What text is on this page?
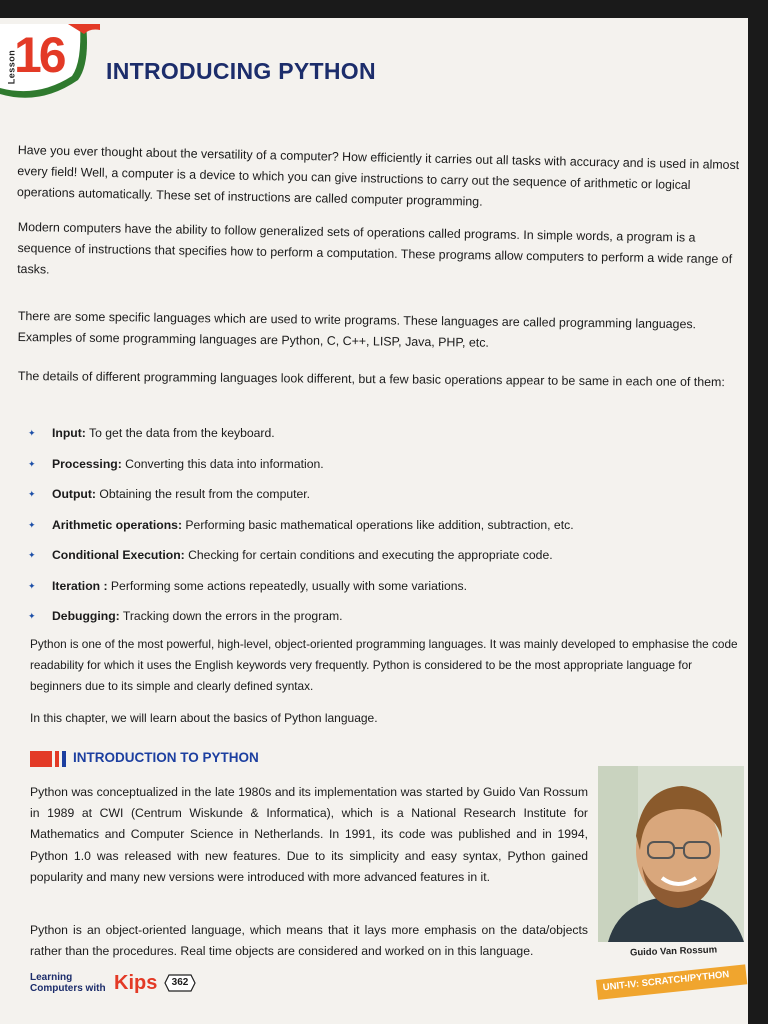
Lesson
16 INTRODUCING PYTHON
Have you ever thought about the versatility of a computer? How efficiently it carries out all tasks with accuracy and is used in almost every field! Well, a computer is a device to which you can give instructions to carry out the sequence of arithmetic or logical operations automatically. These set of instructions are called computer programming.
Modern computers have the ability to follow generalized sets of operations called programs. In simple words, a program is a sequence of instructions that specifies how to perform a computation. These programs allow computers to perform a wide range of tasks.
There are some specific languages which are used to write programs. These languages are called programming languages. Examples of some programming languages are Python, C, C++, LISP, Java, PHP, etc.
The details of different programming languages look different, but a few basic operations appear to be same in each one of them:
✦ Input: To get the data from the keyboard.
✦ Processing: Converting this data into information.
✦ Output: Obtaining the result from the computer.
✦ Arithmetic operations: Performing basic mathematical operations like addition, subtraction, etc.
✦ Conditional Execution: Checking for certain conditions and executing the appropriate code.
✦ Iteration : Performing some actions repeatedly, usually with some variations.
✦ Debugging: Tracking down the errors in the program.
Python is one of the most powerful, high-level, object-oriented programming languages. It was mainly developed to emphasise the code readability for which it uses the English keywords very frequently. Python is considered to be the most appropriate language for beginners due to its simple and clearly defined syntax.
In this chapter, we will learn about the basics of Python language.
INTRODUCTION TO PYTHON
Python was conceptualized in the late 1980s and its implementation was started by Guido Van Rossum in 1989 at CWI (Centrum Wiskunde & Informatica), which is a National Research Institute for Mathematics and Computer Science in Netherlands. In 1991, its code was published and in 1994, Python 1.0 was released with new features. Due to its simplicity and easy syntax, Python gained popularity and many new versions were introduced with more advanced features in it.
Python is an object-oriented language, which means that it lays more emphasis on the data/objects rather than the procedures. Real time objects are considered and worked on in this language.	Guido Van Rossum
Learning
Computers with Kips	362	UNIT-IV: SCRATCH/PYTHON
